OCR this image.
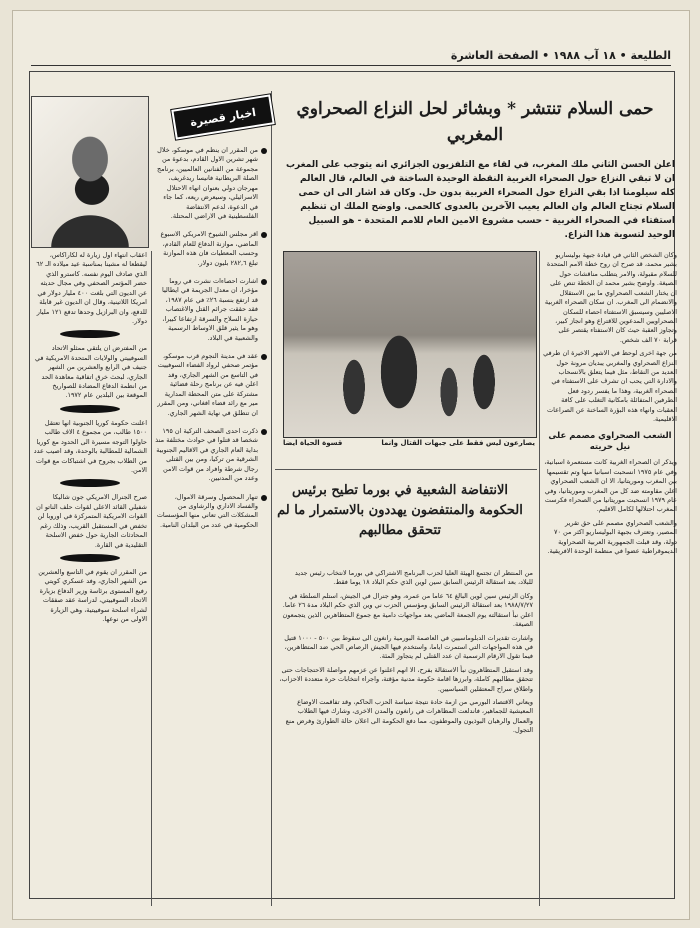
الطليعة • ١٨ آب ١٩٨٨ • الصفحة العاشرة
حمى السلام تنتشر * وبشائر لحل النزاع الصحراوي المغربي
اعلن الحسن الثاني ملك المغرب، في لقاء مع التلفزيون الجزائري انه يتوجب على المغرب ان لا تبقي النزاع حول الصحراء الغربية النقطة الوحيدة الساخنة في العالم، قال العالم كله سيلومنا اذا بقي النزاع حول الصحراء الغربية بدون حل. وكان قد اشار الى ان حمى السلام تجتاح العالم وان العالم يعيب الآخرين بالعدوى كالحمى. واوضح الملك ان تنظيم استفتاء في الصحراء الغربية - حسب مشروع الامين العام للامم المتحدة - هو السبيل الوحيد لتسوية هذا النزاع.
يصارعون ليس فقط على جبهات القتال وانما
قسوة الحياة ايضا

وكان الشخص الثاني في قيادة جبهة بوليساريو بشير محمد، قد صرح ان روح خطة الامم المتحدة للسلام مقبولة، والامر يتطلب مناقشات حول الصيغة. واوضح بشير محمد ان الخطة تنص على ان يختار الشعب الصحراوي ما بين الاستقلال والانضمام الى المغرب. ان سكان الصحراء الغربية الاصليين وسيسبق الاستفتاء احصاء للسكان الصحراويين المدعوين للاقتراع وهو انجاز كبير، وتجاوز العقبة حيث كان الاستفتاء يقتصر على قرابة ٧٠ الف شخص.

من جهة اخرى لوحظ في الاشهر الاخيرة ان طرفي النزاع الصحراوي والمغربي يبديان مرونة حول العديد من النقاط، مثل فيما يتعلق بالانسحاب والادارة التي يحب ان تشرف على الاستفتاء في الصحراء الغربية، وهذا ما يفسر ردود فعل الطرفين المتفائلة بامكانية التغلب على كافة العقبات وانهاء هذه البؤرة الساخنة عن الصراعات الاقليمية.

الشعب الصحراوي مصمم على نيل حريته

ويذكر ان الصحراء الغربية كانت مستعمرة اسبانية، وفي عام ١٩٧٥ انسحبت اسبانيا منها وتم تقسيمها بين المغرب وموريتانيا، الا ان الشعب الصحراوي اعلن مقاومته ضد كل من المغرب وموريتانيا، وفي عام ١٩٧٩ انسحبت موريتانيا من الصحراء فكرست المغرب احتلالها لكامل الاقليم.

والشعب الصحراوي مصمم على حق تقرير المصير، وتعترف بجبهة البوليساريو اكثر من ٧٠ دولة، وقد قبلت الجمهورية العربية الصحراوية الديموقراطية عضوا في منظمة الوحدة الافريقية.

الانتفاضة الشعبية في بورما تطيح برئيس الحكومة والمنتفضون يهددون بالاستمرار ما لم تتحقق مطالبهم

من المنتظر ان تجتمع الهيئة العليا لحزب البرنامج الاشتراكي في بورما لانتخاب رئيس جديد للبلاد، بعد استقالة الرئيس السابق سين لوين الذي حكم البلاد ١٨ يوما فقط.

وكان الرئيس سين لوين البالغ ٦٤ عاما من عمره، وهو جنرال في الجيش، استلم السلطة في ١٩٨٨/٧/٢٧ بعد استقالة الرئيس السابق ومؤسس الحزب ني وين الذي حكم البلاد مدة ٢٦ عاما. اعلن نبأ استقالته يوم الجمعة الماضي بعد مواجهات دامية مع جموع المتظاهرين الذين يتجمعون الصيغة.

واشارت تقديرات الدبلوماسيين في العاصمة البورمية رانغون الى سقوط بين ٥٠٠ - ١٠٠٠ قتيل في هذه المواجهات التي استمرت اياما، واستخدم فيها الجيش الرصاص الحي ضد المتظاهرين، فيما تقول الارقام الرسمية ان عدد القتلى لم يتجاوز المئة.

وقد استقبل المتظاهرون نبأ الاستقالة بفرح، الا انهم اعلنوا عن عزمهم مواصلة الاحتجاجات حتى تتحقق مطالبهم كاملة، وابرزها اقامة حكومة مدنية مؤقتة، واجراء انتخابات حرة متعددة الاحزاب، واطلاق سراح المعتقلين السياسيين.

ويعاني الاقتصاد البورمي من ازمة حادة نتيجة سياسة الحزب الحاكم، وقد تفاقمت الاوضاع المعيشية للجماهير، فاندلعت المظاهرات في رانغون والمدن الاخرى، وشارك فيها الطلاب والعمال والرهبان البوذيون والموظفون، مما دفع الحكومة الى اعلان حالة الطوارئ وفرض منع التجول.

اخبار قصيرة

من المقرر ان ينظم في موسكو، خلال شهر تشرين الاول القادم، بدعوة من مجموعة من الفنانين العالميين، برنامج الصلة البريطانية فانيسا ريدغريف، مهرجان دولي بعنوان انهاء الاحتلال الاسرائيلي، وسيعرض ريعه، كما جاء في الدعوة، لدعم الانتفاضة الفلسطينية في الاراضي المحتلة.

اقر مجلس الشيوخ الامريكي الاسبوع الماضي، موازنة الدفاع للعام القادم، وحسب المعطيات فان هذه الموازنة تبلغ ٢٨٢,٦ بليون دولار.

اشارت احصاءات نشرت في روما مؤخرا، ان معدل الجريمة في ايطاليا قد ارتفع بنسبة ٢٦٪ في عام ١٩٨٧، فقد حققت جرائم القتل والاغتصاب حيازة السلاح والسرقة ارتفاعا كبيرا، وهو ما يثير قلق الاوساط الرسمية والشعبية في البلاد.

عقد في مدينة النجوم قرب موسكو، مؤتمر صحفي لرواد الفضاء السوفييت في التاسع من الشهر الجاري، وقد اعلن فيه عن برنامج رحلة فضائية مشتركة على متن المحطة المدارية مير مع رائد فضاء افغاني، ومن المقرر ان تنطلق في نهاية الشهر الجاري.

ذكرت احدى الصحف التركية ان ١٩٥ شخصا قد قتلوا في حوادث مختلفة منذ بداية العام الجاري في الاقاليم الجنوبية الشرقية من تركيا، ومن بين القتلى رجال شرطة وافراد من قوات الامن وعدد من المدنيين.

تنهار المحصول وسرقة الاموال، والفساد الاداري والرشاوى من المشكلات التي تعاني منها المؤسسات الحكومية في عدد من البلدان النامية.

اعقاب انتهاء اول زيارة له لكاراكاس، ليقطعا له مشينا بمناسبة عيد ميلاده الـ ٦٢ الذي صادف اليوم نفسه. كاسترو الذي حضر المؤتمر الصحفي وفي مجال حديثه عن الديون التي بلغت ٤٠٠ مليار دولار في امريكا اللاتينية، وقال ان الديون غير قابلة للدفع، وان البرازيل وحدها تدفع ١٢١ مليار دولار.

من المفترض ان يلتقي ممثلو الاتحاد السوفييتي والولايات المتحدة الامريكية في جنيف في الرابع والعشرين من الشهر الجاري، لبحث خرق اتفاقية معاهدة الحد من انظمة الدفاع المضادة للصواريخ الموقعة بين البلدين عام ١٩٧٢.

اعلنت حكومة كوريا الجنوبية انها تعتقل ١٥٠٠ طالب، من مجموع ٤ الاف طالب حاولوا التوجه مسيرة الى الحدود مع كوريا الشمالية للمطالبة بالوحدة، وقد اصيب عدد من الطلاب بجروح في اشتباكات مع قوات الامن.

صرح الجنرال الامريكي جون شاليكا شفيلي القائد الاعلى لقوات حلف الناتو ان القوات الامريكية المتمركزة في اوروبا لن تخفض في المستقبل القريب، وذلك رغم المحادثات الجارية حول خفض الاسلحة التقليدية في القارة.

من المقرر ان يقوم في التاسع والعشرين من الشهر الجاري، وفد عسكري كويتي رفيع المستوى برئاسة وزير الدفاع بزيارة الاتحاد السوفييتي، لدراسة عقد صفقات لشراء اسلحة سوفييتية، وهي الزيارة الاولى من نوعها.
